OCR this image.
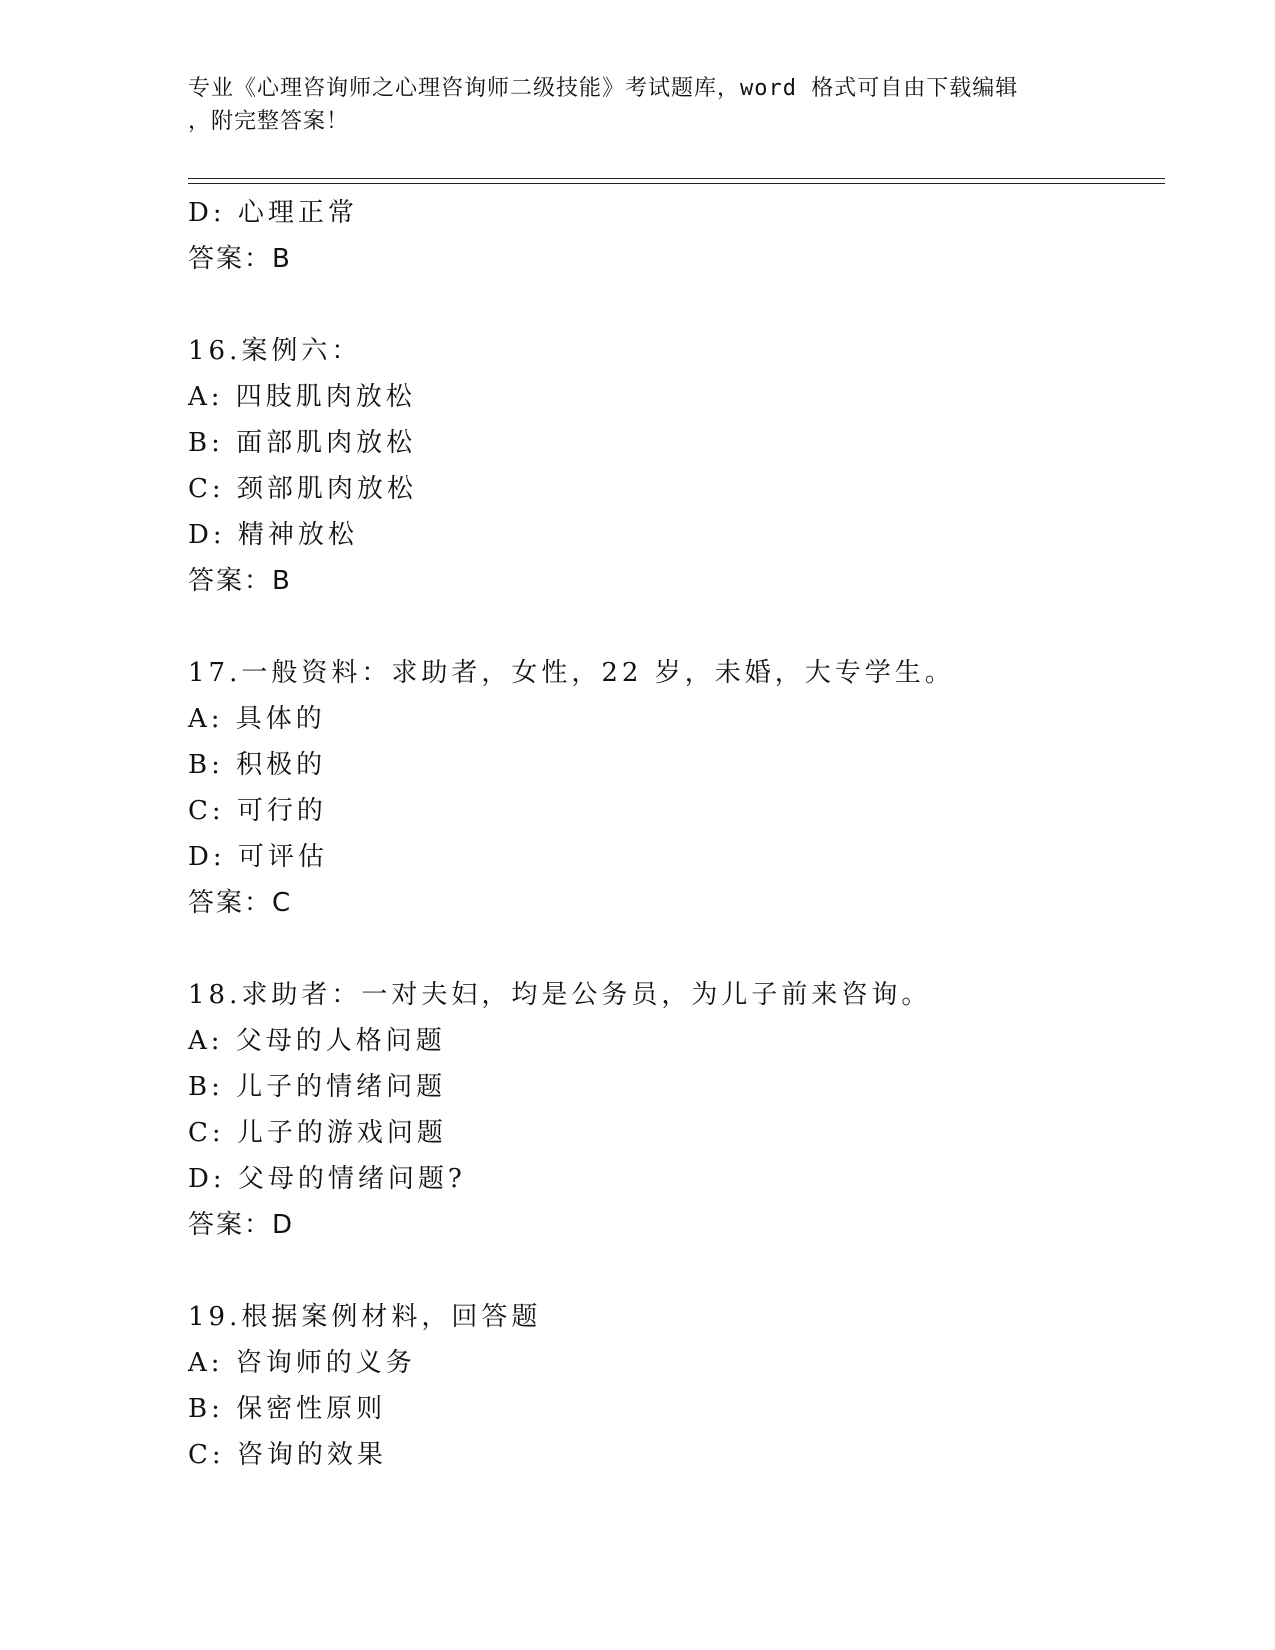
专业《心理咨询师之心理咨询师二级技能》考试题库，word 格式可自由下载编辑
，附完整答案！
D: 心理正常
答案：B
16.案例六：
A: 四肢肌肉放松
B: 面部肌肉放松
C: 颈部肌肉放松
D: 精神放松
答案：B
17.一般资料：求助者，女性，22 岁，未婚，大专学生。
A: 具体的
B: 积极的
C: 可行的
D: 可评估
答案：C
18.求助者：一对夫妇，均是公务员，为儿子前来咨询。
A: 父母的人格问题
B: 儿子的情绪问题
C: 儿子的游戏问题
D: 父母的情绪问题?
答案：D
19.根据案例材料，回答题
A: 咨询师的义务
B: 保密性原则
C: 咨询的效果
